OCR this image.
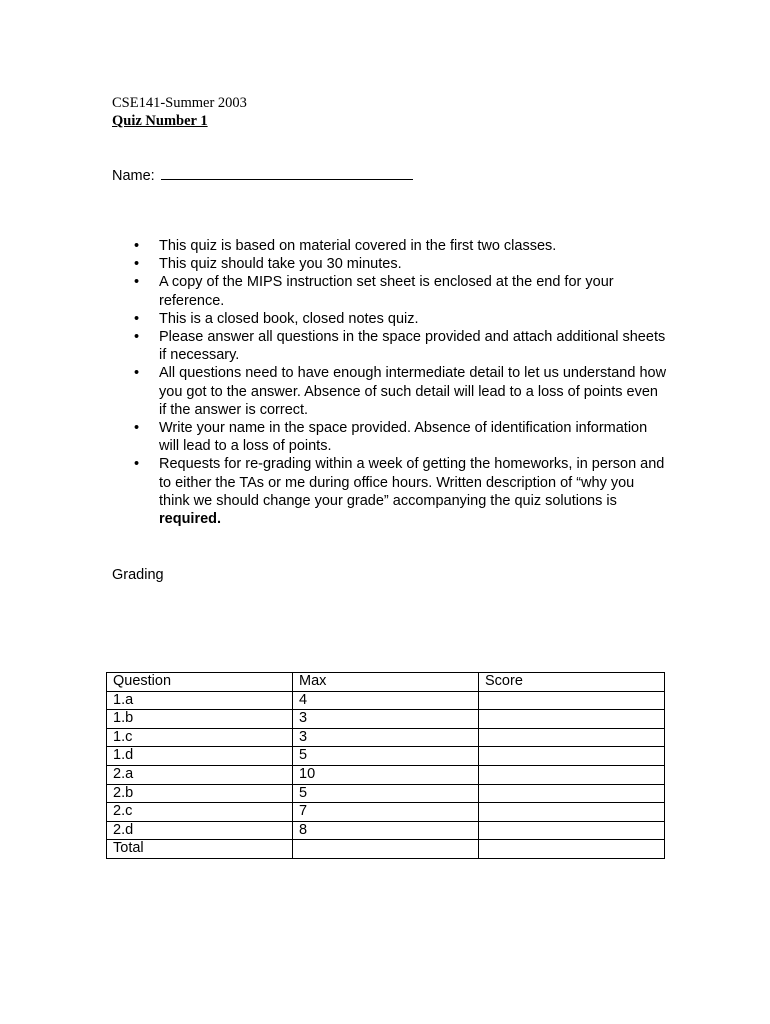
CSE141-Summer 2003
Quiz Number 1
Name:
• This quiz is based on material covered in the first two classes.
• This quiz should take you 30 minutes.
• A copy of the MIPS instruction set sheet is enclosed at the end for your reference.
• This is a closed book, closed notes quiz.
• Please answer all questions in the space provided and attach additional sheets if necessary.
• All questions need to have enough intermediate detail to let us understand how you got to the answer. Absence of such detail will lead to a loss of points even if the answer is correct.
• Write your name in the space provided. Absence of identification information will lead to a loss of points.
• Requests for re-grading within a week of getting the homeworks, in person and to either the TAs or me during office hours. Written description of “why you think we should change your grade” accompanying the quiz solutions is required.
Grading
Question	Max	Score
1.a	4	
1.b	3	
1.c	3	
1.d	5	
2.a	10	
2.b	5	
2.c	7	
2.d	8	
Total		
